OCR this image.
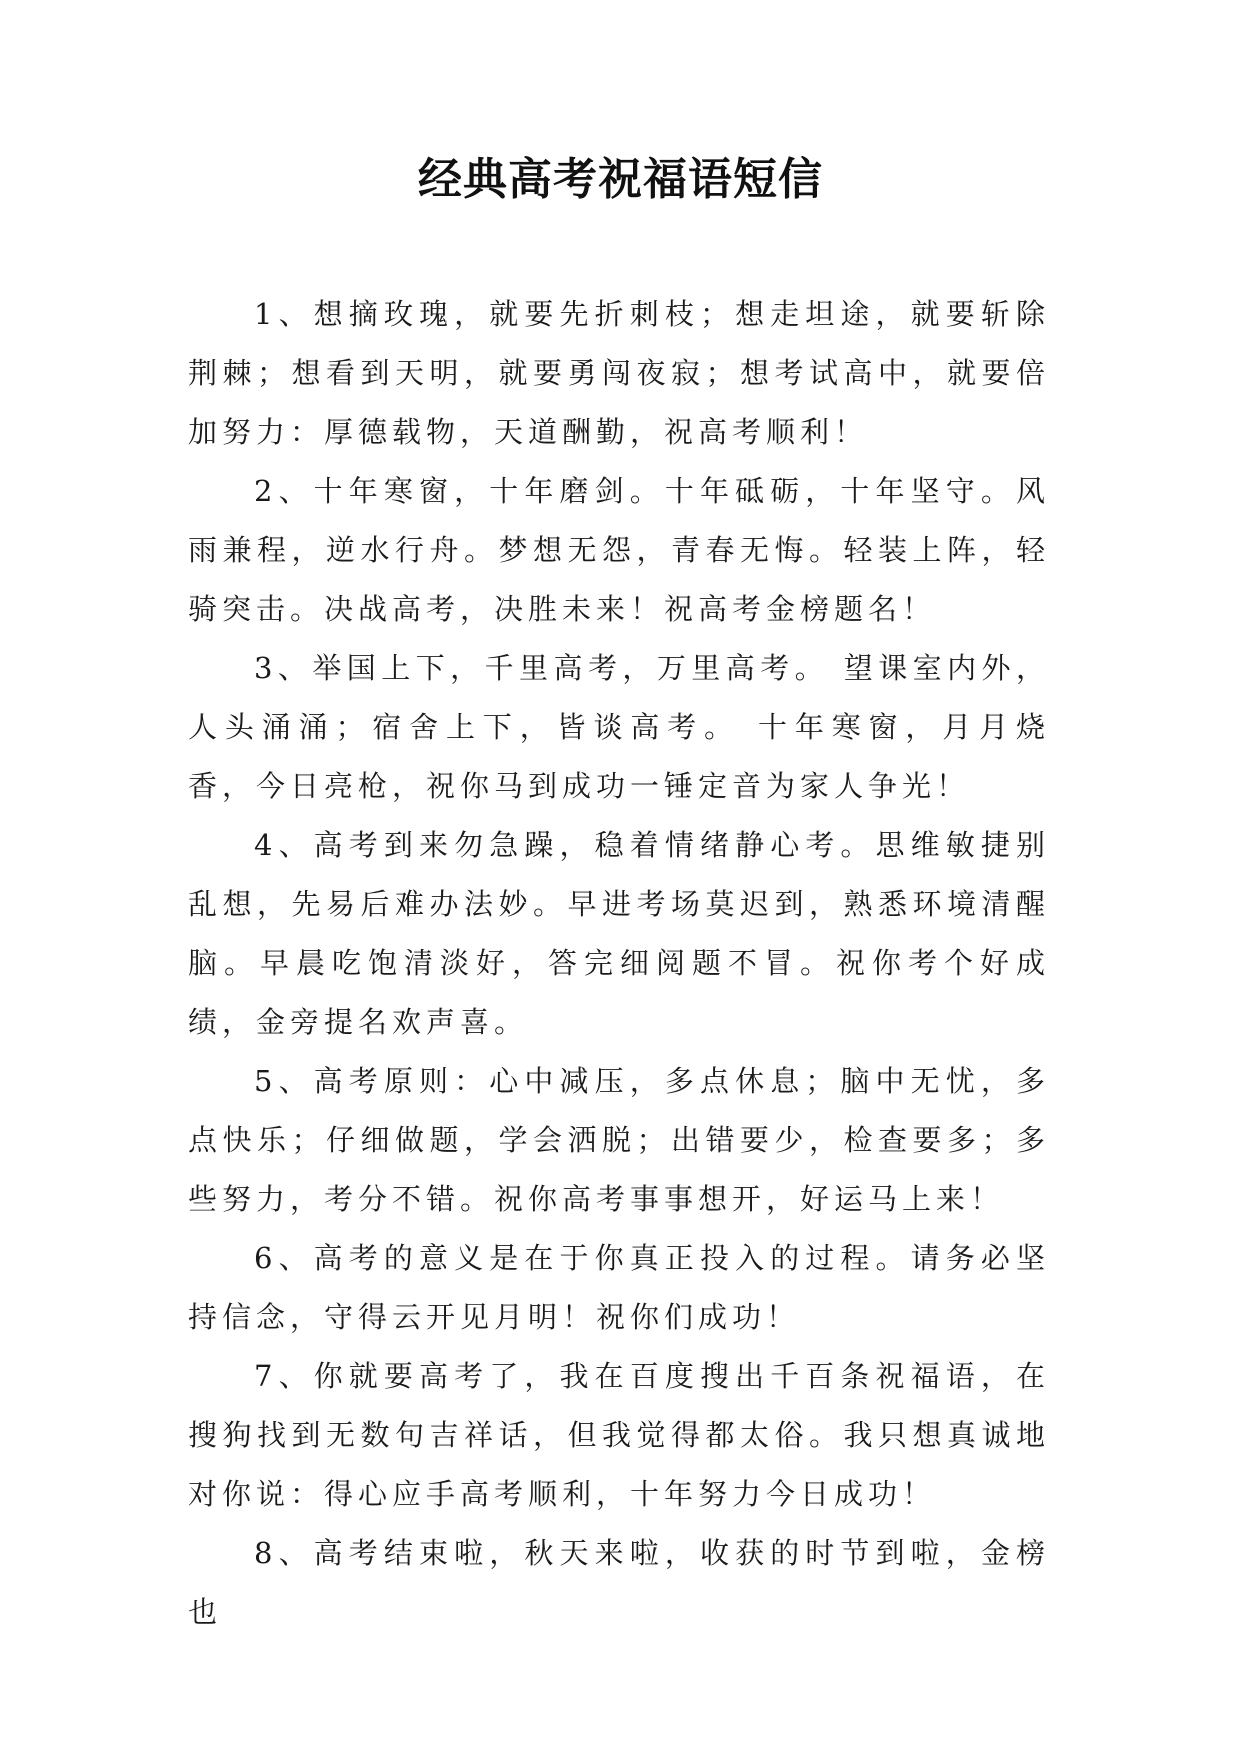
经典高考祝福语短信

1、想摘玫瑰，就要先折刺枝；想走坦途，就要斩除荆棘；想看到天明，就要勇闯夜寂；想考试高中，就要倍加努力：厚德载物，天道酬勤，祝高考顺利！

2、十年寒窗，十年磨剑。十年砥砺，十年坚守。风雨兼程，逆水行舟。梦想无怨，青春无悔。轻装上阵，轻骑突击。决战高考，决胜未来！祝高考金榜题名！

3、举国上下，千里高考，万里高考。 望课室内外，人头涌涌；宿舍上下，皆谈高考。 十年寒窗，月月烧香，今日亮枪，祝你马到成功一锤定音为家人争光！

4、高考到来勿急躁，稳着情绪静心考。思维敏捷别乱想，先易后难办法妙。早进考场莫迟到，熟悉环境清醒脑。早晨吃饱清淡好，答完细阅题不冒。祝你考个好成绩，金旁提名欢声喜。

5、高考原则：心中减压，多点休息；脑中无忧，多点快乐；仔细做题，学会洒脱；出错要少，检查要多；多些努力，考分不错。祝你高考事事想开，好运马上来！

6、高考的意义是在于你真正投入的过程。请务必坚持信念，守得云开见月明！祝你们成功！

7、你就要高考了，我在百度搜出千百条祝福语，在搜狗找到无数句吉祥话，但我觉得都太俗。我只想真诚地对你说：得心应手高考顺利，十年努力今日成功！

8、高考结束啦，秋天来啦，收获的时节到啦，金榜也
